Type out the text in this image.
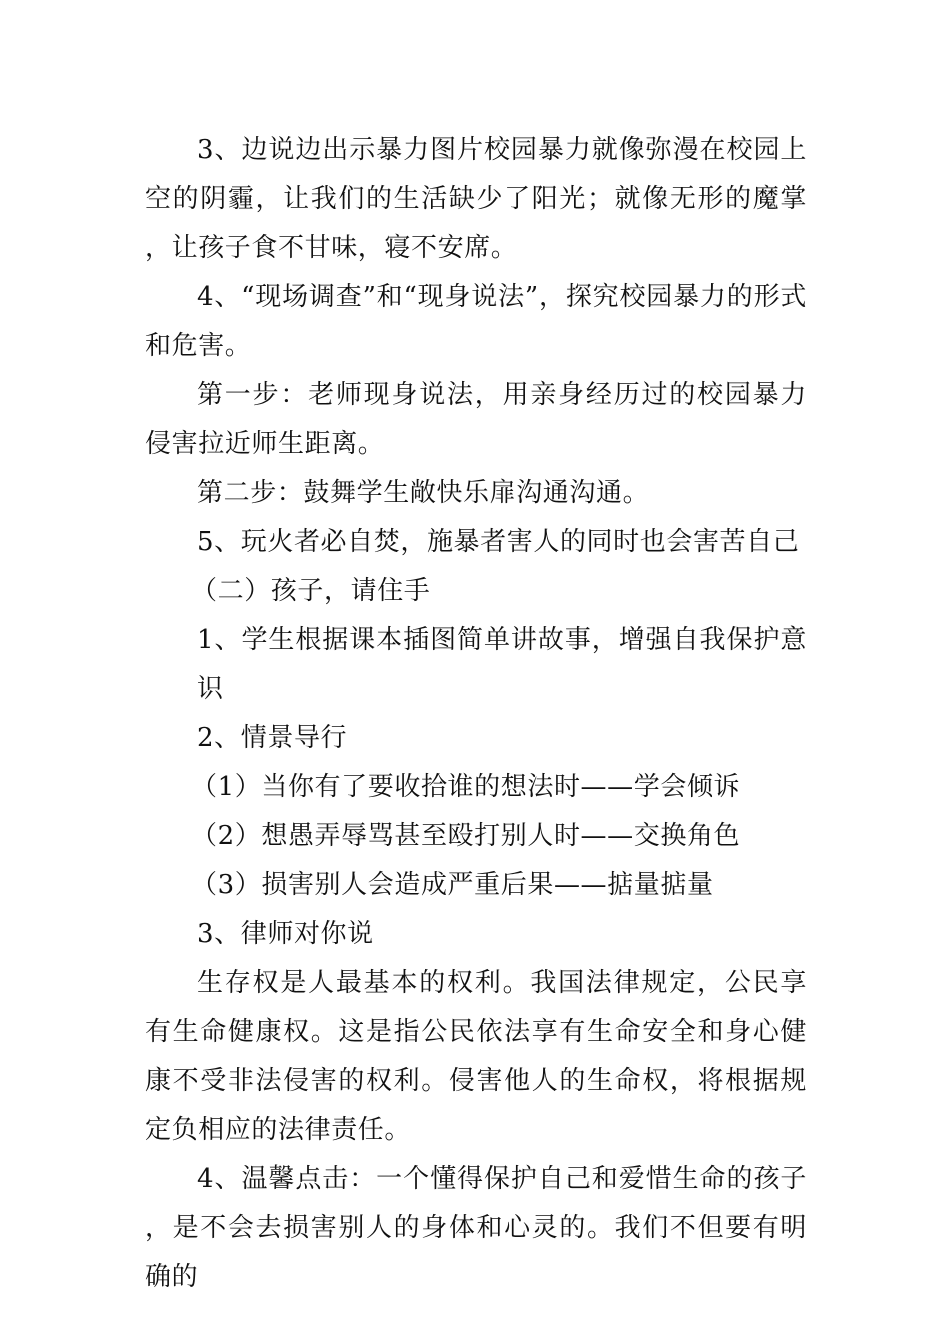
3、边说边出示暴力图片校园暴力就像弥漫在校园上空的阴霾，让我们的生活缺少了阳光；就像无形的魔掌，让孩子食不甘味，寝不安席。

4、“现场调查”和“现身说法”，探究校园暴力的形式和危害。

第一步：老师现身说法，用亲身经历过的校园暴力侵害拉近师生距离。

第二步：鼓舞学生敞快乐扉沟通沟通。

5、玩火者必自焚，施暴者害人的同时也会害苦自己

（二）孩子，请住手

1、学生根据课本插图简单讲故事，增强自我保护意识

2、情景导行

（1）当你有了要收拾谁的想法时——学会倾诉

（2）想愚弄辱骂甚至殴打别人时——交换角色

（3）损害别人会造成严重后果——掂量掂量

3、律师对你说

生存权是人最基本的权利。我国法律规定，公民享有生命健康权。这是指公民依法享有生命安全和身心健康不受非法侵害的权利。侵害他人的生命权，将根据规定负相应的法律责任。

4、温馨点击：一个懂得保护自己和爱惜生命的孩子，是不会去损害别人的身体和心灵的。我们不但要有明确的
